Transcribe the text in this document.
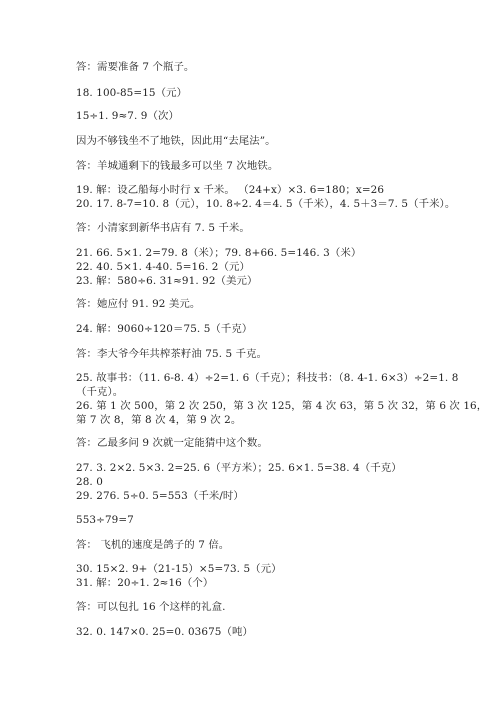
答：需要准备 7 个瓶子。
18. 100-85=15（元）
15÷1. 9≈7. 9（次）
因为不够钱坐不了地铁，因此用“去尾法”。
答：羊城通剩下的钱最多可以坐 7 次地铁。
19. 解：设乙船每小时行 x 千米。 （24+x）×3. 6=180；x=26
20. 17. 8-7=10. 8（元），10. 8÷2. 4＝4. 5（千米），4. 5＋3＝7. 5（千米）。
答：小清家到新华书店有 7. 5 千米。
21. 66. 5×1. 2=79. 8（米）；79. 8+66. 5=146. 3（米）
22. 40. 5×1. 4-40. 5=16. 2（元）
23. 解：580÷6. 31≈91. 92（美元）
答：她应付 91. 92 美元。
24. 解：9060÷120＝75. 5（千克）
答：李大爷今年共榨茶籽油 75. 5 千克。
25. 故事书：（11. 6-8. 4）÷2=1. 6（千克）；科技书：（8. 4-1. 6×3）÷2=1. 8
（千克）。
26. 第 1 次 500，第 2 次 250，第 3 次 125，第 4 次 63，第 5 次 32，第 6 次 16，
第 7 次 8，第 8 次 4，第 9 次 2。
答：乙最多问 9 次就一定能猜中这个数。
27. 3. 2×2. 5×3. 2=25. 6（平方米）；25. 6×1. 5=38. 4（千克）
28. 0
29. 276. 5÷0. 5=553（千米/时）
553÷79=7
答： 飞机的速度是鸽子的 7 倍。
30. 15×2. 9+（21-15）×5=73. 5（元）
31. 解：20÷1. 2≈16（个）
答：可以包扎 16 个这样的礼盒.
32. 0. 147×0. 25=0. 03675（吨）
